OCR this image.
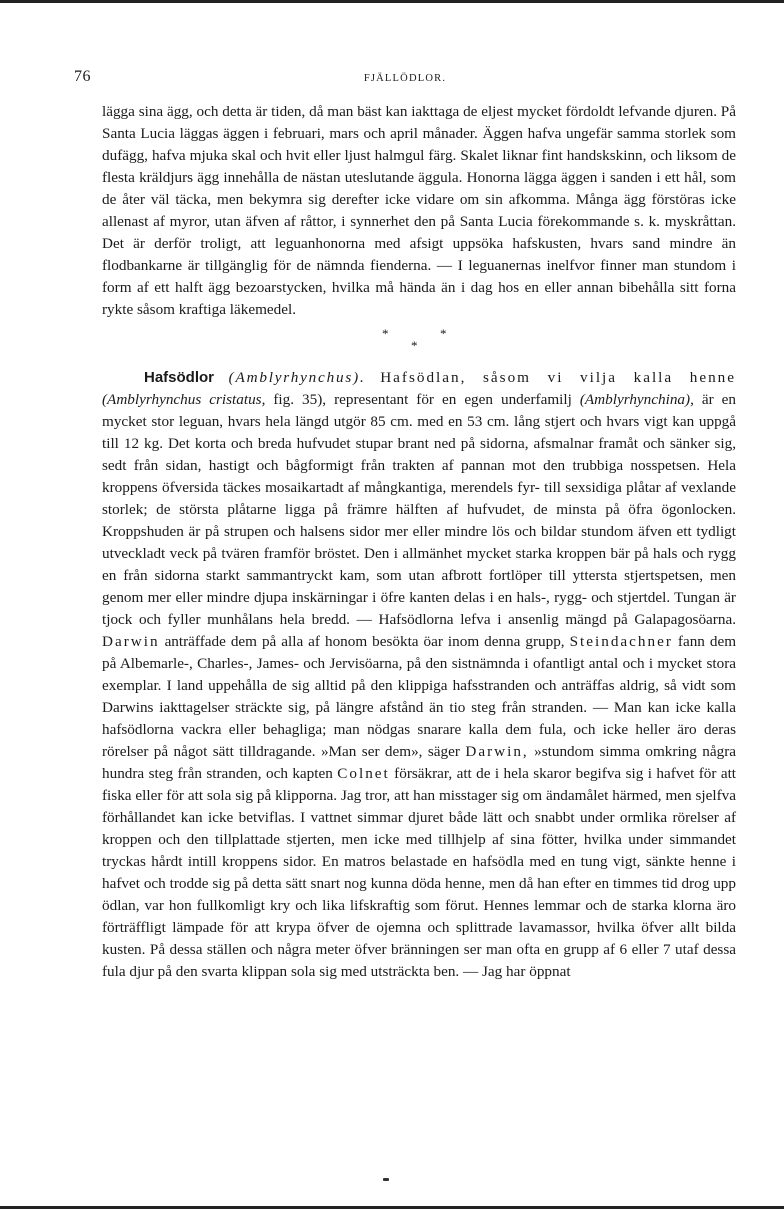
76	FJÄLLÖDLOR.

lägga sina ägg, och detta är tiden, då man bäst kan iakttaga de eljest mycket fördoldt lefvande djuren. På Santa Lucia läggas äggen i februari, mars och april månader. Äggen hafva ungefär samma storlek som dufägg, hafva mjuka skal och hvit eller ljust halmgul färg. Skalet liknar fint handskskinn, och liksom de flesta kräldjurs ägg innehålla de nästan uteslutande äggula. Honorna lägga äggen i sanden i ett hål, som de åter väl täcka, men bekymra sig derefter icke vidare om sin afkomma. Många ägg förstöras icke allenast af myror, utan äfven af råttor, i synnerhet den på Santa Lucia förekommande s. k. myskråttan. Det är derför troligt, att leguanhonorna med afsigt uppsöka hafskusten, hvars sand mindre än flodbankarne är tillgänglig för de nämnda fienderna. — I leguanernas inelfvor finner man stundom i form af ett halft ägg bezoarstycken, hvilka må hända än i dag hos en eller annan bibehålla sitt forna rykte såsom kraftiga läkemedel.

*	*
*

Hafsödlor (Amblyrhynchus). Hafsödlan, såsom vi vilja kalla henne (Amblyrhynchus cristatus, fig. 35), representant för en egen underfamilj (Amblyrhynchina), är en mycket stor leguan, hvars hela längd utgör 85 cm. med en 53 cm. lång stjert och hvars vigt kan uppgå till 12 kg. Det korta och breda hufvudet stupar brant ned på sidorna, afsmalnar framåt och sänker sig, sedt från sidan, hastigt och bågformigt från trakten af pannan mot den trubbiga nosspetsen. Hela kroppens öfversida täckes mosaikartadt af mångkantiga, merendels fyr- till sexsidiga plåtar af vexlande storlek; de största plåtarne ligga på främre hälften af hufvudet, de minsta på öfra ögonlocken. Kroppshuden är på strupen och halsens sidor mer eller mindre lös och bildar stundom äfven ett tydligt utveckladt veck på tvären framför bröstet. Den i allmänhet mycket starka kroppen bär på hals och rygg en från sidorna starkt sammantryckt kam, som utan afbrott fortlöper till yttersta stjertspetsen, men genom mer eller mindre djupa inskärningar i öfre kanten delas i en hals-, rygg- och stjertdel. Tungan är tjock och fyller munhålans hela bredd. — Hafsödlorna lefva i ansenlig mängd på Galapagosöarna. Darwin anträffade dem på alla af honom besökta öar inom denna grupp, Steindachner fann dem på Albemarle-, Charles-, James- och Jervisöarna, på den sistnämnda i ofantligt antal och i mycket stora exemplar. I land uppehålla de sig alltid på den klippiga hafsstranden och anträffas aldrig, så vidt som Darwins iakttagelser sträckte sig, på längre afstånd än tio steg från stranden. — Man kan icke kalla hafsödlorna vackra eller behagliga; man nödgas snarare kalla dem fula, och icke heller äro deras rörelser på något sätt tilldragande. »Man ser dem», säger Darwin, »stundom simma omkring några hundra steg från stranden, och kapten Colnet försäkrar, att de i hela skaror begifva sig i hafvet för att fiska eller för att sola sig på klipporna. Jag tror, att han misstager sig om ändamålet härmed, men sjelfva förhållandet kan icke betviflas. I vattnet simmar djuret både lätt och snabbt under ormlika rörelser af kroppen och den tillplattade stjerten, men icke med tillhjelp af sina fötter, hvilka under simmandet tryckas hårdt intill kroppens sidor. En matros belastade en hafsödla med en tung vigt, sänkte henne i hafvet och trodde sig på detta sätt snart nog kunna döda henne, men då han efter en timmes tid drog upp ödlan, var hon fullkomligt kry och lika lifskraftig som förut. Hennes lemmar och de starka klorna äro förträffligt lämpade för att krypa öfver de ojemna och splittrade lavamassor, hvilka öfver allt bilda kusten. På dessa ställen och några meter öfver bränningen ser man ofta en grupp af 6 eller 7 utaf dessa fula djur på den svarta klippan sola sig med utsträckta ben. — Jag har öppnat
